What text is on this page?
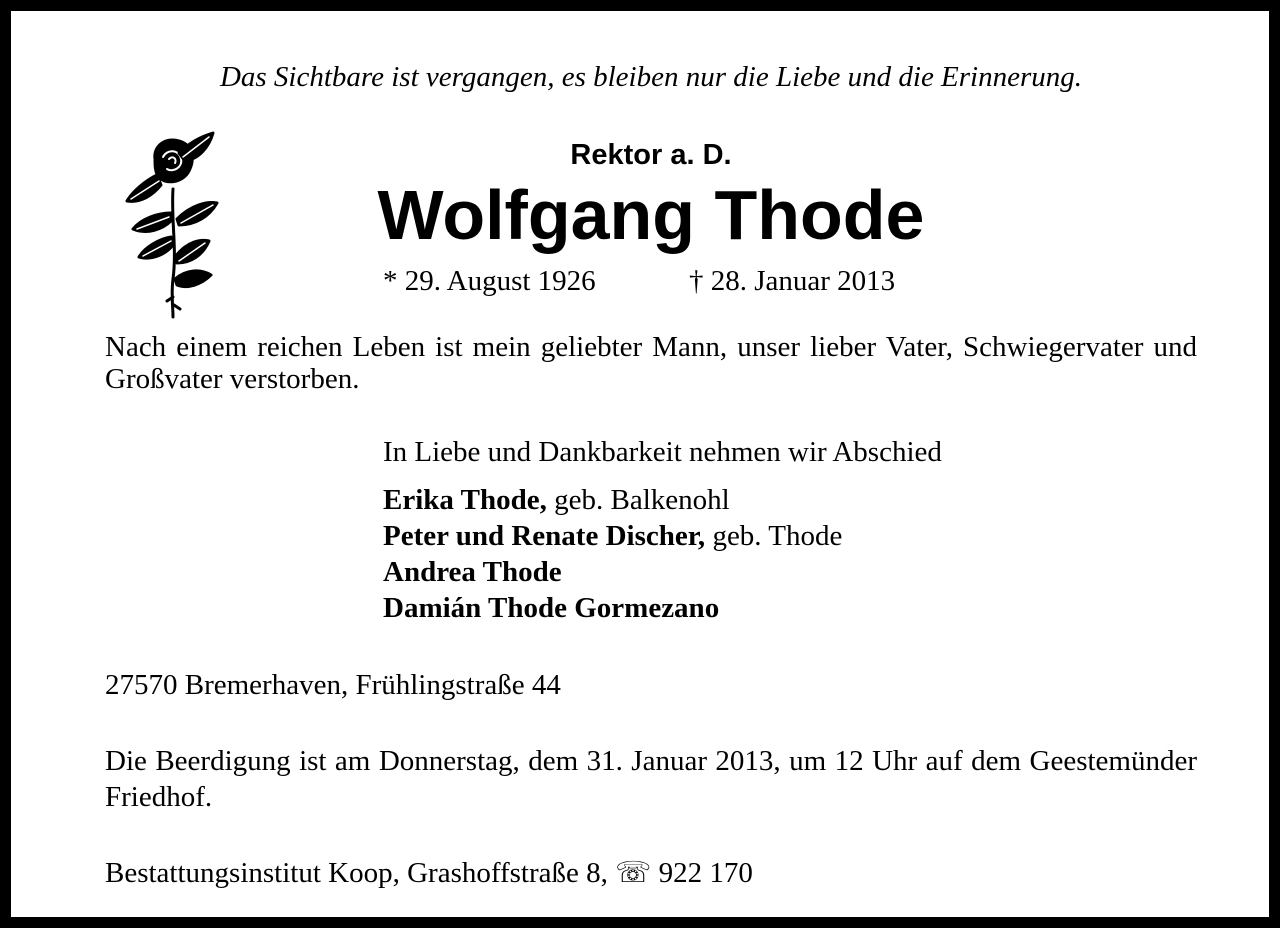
Das Sichtbare ist vergangen, es bleiben nur die Liebe und die Erinnerung.

Rektor a. D.

Wolfgang Thode

* 29. August 1926	† 28. Januar 2013

Nach einem reichen Leben ist mein geliebter Mann, unser lieber Vater, Schwiegervater und Großvater verstorben.

In Liebe und Dankbarkeit nehmen wir Abschied

Erika Thode, geb. Balkenohl
Peter und Renate Discher, geb. Thode
Andrea Thode
Damián Thode Gormezano

27570 Bremerhaven, Frühlingstraße 44

Die Beerdigung ist am Donnerstag, dem 31. Januar 2013, um 12 Uhr auf dem Geestemünder Friedhof.

Bestattungsinstitut Koop, Grashoffstraße 8, ☏ 922 170
